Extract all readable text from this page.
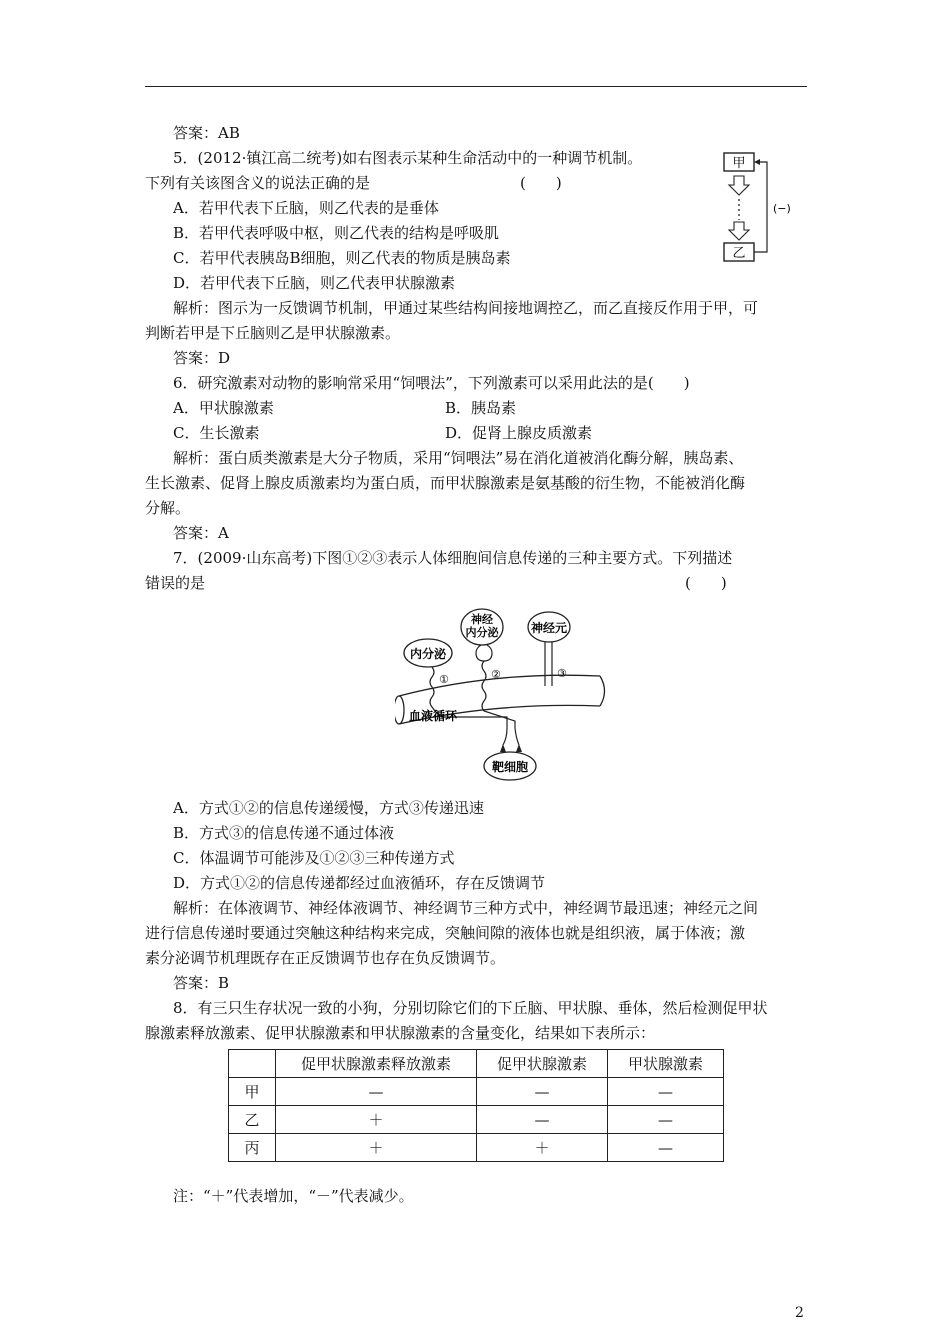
答案：AB
5．(2012·镇江高二统考)如右图表示某种生命活动中的一种调节机制。
下列有关该图含义的说法正确的是　　　　　　　　　　(　　)
A．若甲代表下丘脑，则乙代表的是垂体
B．若甲代表呼吸中枢，则乙代表的结构是呼吸肌
C．若甲代表胰岛B细胞，则乙代表的物质是胰岛素
D．若甲代表下丘脑，则乙代表甲状腺激素
解析：图示为一反馈调节机制，甲通过某些结构间接地调控乙，而乙直接反作用于甲，可
判断若甲是下丘脑则乙是甲状腺激素。
答案：D
6．研究激素对动物的影响常采用“饲喂法”，下列激素可以采用此法的是(　　)
A．甲状腺激素	B．胰岛素
C．生长激素	D．促肾上腺皮质激素
解析：蛋白质类激素是大分子物质，采用“饲喂法”易在消化道被消化酶分解，胰岛素、
生长激素、促肾上腺皮质激素均为蛋白质，而甲状腺激素是氨基酸的衍生物，不能被消化酶
分解。
答案：A
7．(2009·山东高考)下图①②③表示人体细胞间信息传递的三种主要方式。下列描述
错误的是　　　　　　　　　　　　　　　　　　　　　　　　　　　　　　　　(　　)
A．方式①②的信息传递缓慢，方式③传递迅速
B．方式③的信息传递不通过体液
C．体温调节可能涉及①②③三种传递方式
D．方式①②的信息传递都经过血液循环，存在反馈调节
解析：在体液调节、神经体液调节、神经调节三种方式中，神经调节最迅速；神经元之间
进行信息传递时要通过突触这种结构来完成，突触间隙的液体也就是组织液，属于体液；激
素分泌调节机理既存在正反馈调节也存在负反馈调节。
答案：B
8．有三只生存状况一致的小狗，分别切除它们的下丘脑、甲状腺、垂体，然后检测促甲状
腺激素释放激素、促甲状腺激素和甲状腺激素的含量变化，结果如下表所示：
注：“＋”代表增加，“－”代表减少。
甲
乙
(−)
内分泌
①
神经
内分泌
②
神经元
③
血液循环
靶细胞
	促甲状腺激素释放激素	促甲状腺激素	甲状腺激素
甲	—	—	—
乙	＋	—	—
丙	＋	＋	—
2
